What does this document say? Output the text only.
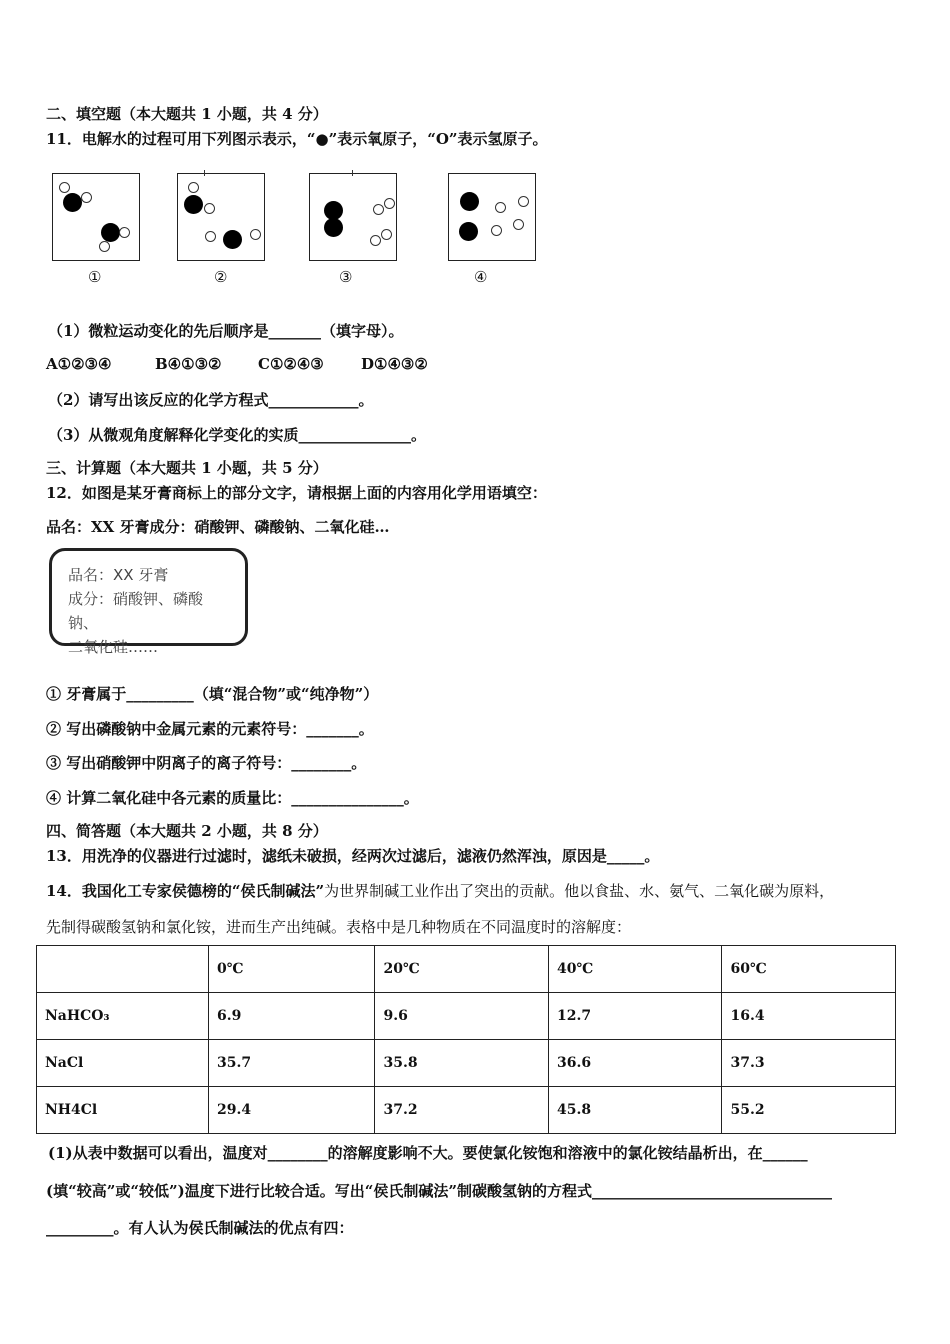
二、填空题（本大题共 1 小题，共 4 分）
11．电解水的过程可用下列图示表示，“●”表示氧原子，“O”表示氢原子。
①	②	③	④
（1）微粒运动变化的先后顺序是_______（填字母）。
A①②③④	B④①③② C①②④③ D①④③②
（2）请写出该反应的化学方程式____________。
（3）从微观角度解释化学变化的实质_______________。
三、计算题（本大题共 1 小题，共 5 分）
12．如图是某牙膏商标上的部分文字，请根据上面的内容用化学用语填空：
品名：XX 牙膏成分：硝酸钾、磷酸钠、二氧化硅…
品名：XX 牙膏
成分：硝酸钾、磷酸钠、
二氧化硅……
① 牙膏属于_________（填“混合物”或“纯净物”）
② 写出磷酸钠中金属元素的元素符号：_______。
③ 写出硝酸钾中阴离子的离子符号：________。
④ 计算二氧化硅中各元素的质量比：_______________。
四、简答题（本大题共 2 小题，共 8 分）
13．用洗净的仪器进行过滤时，滤纸未破损，经两次过滤后，滤液仍然浑浊，原因是_____。
14．我国化工专家侯德榜的“侯氏制碱法”为世界制碱工业作出了突出的贡献。他以食盐、水、氨气、二氧化碳为原料，
先制得碳酸氢钠和氯化铵，进而生产出纯碱。表格中是几种物质在不同温度时的溶解度：
	0℃	20℃	40℃	60℃
NaHCO₃	6.9	9.6	12.7	16.4
NaCl	35.7	35.8	36.6	37.3
NH4Cl	29.4	37.2	45.8	55.2
(1)从表中数据可以看出，温度对________的溶解度影响不大。要使氯化铵饱和溶液中的氯化铵结晶析出，在______
(填“较高”或“较低”)温度下进行比较合适。写出“侯氏制碱法”制碳酸氢钠的方程式________________________________
_________。有人认为侯氏制碱法的优点有四：
